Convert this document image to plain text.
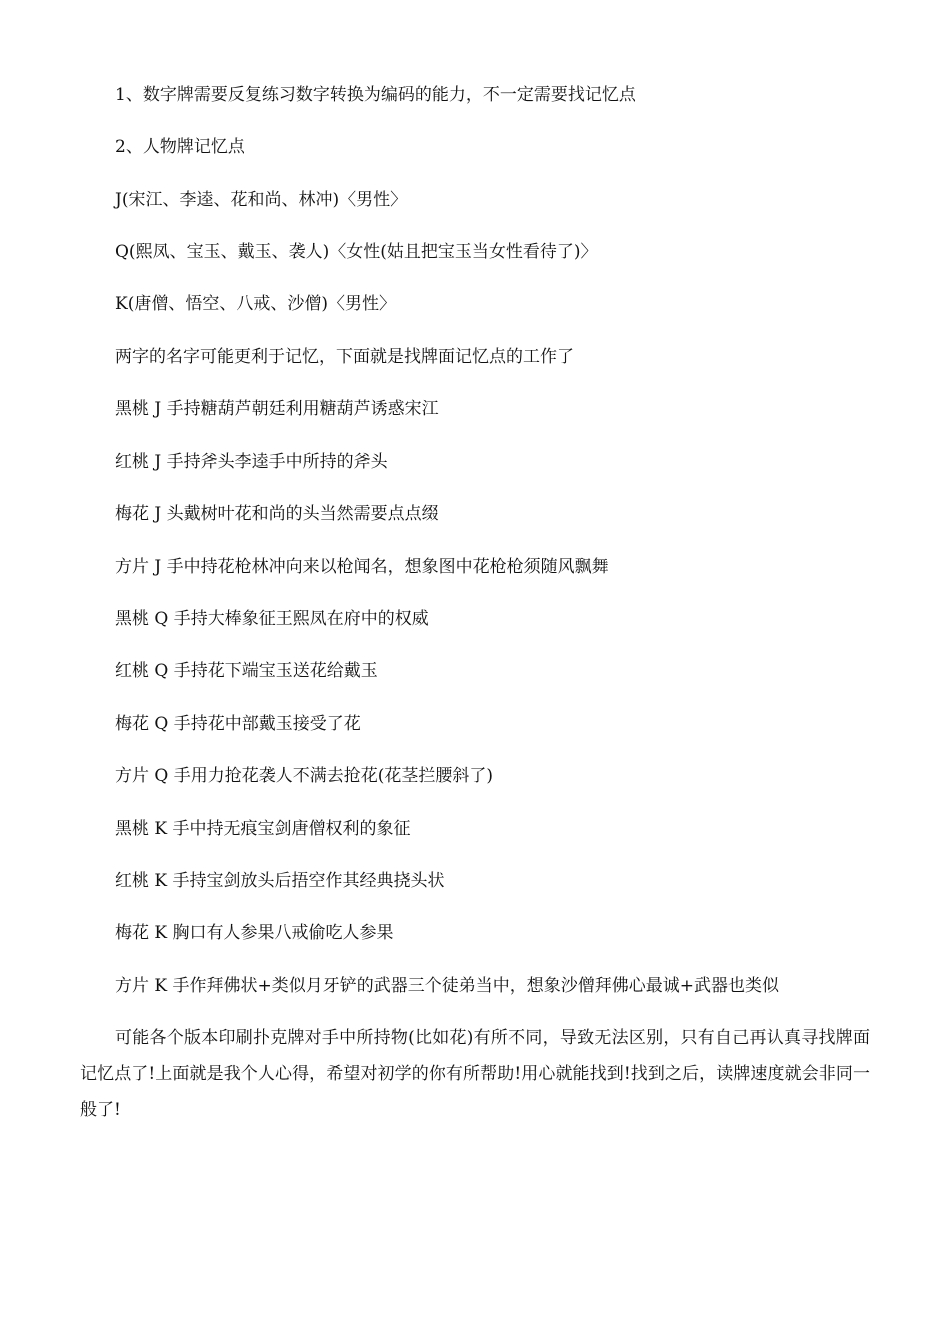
1、数字牌需要反复练习数字转换为编码的能力，不一定需要找记忆点
2、人物牌记忆点
J(宋江、李逵、花和尚、林冲)〈男性〉
Q(熙凤、宝玉、戴玉、袭人)〈女性(姑且把宝玉当女性看待了)〉
K(唐僧、悟空、八戒、沙僧)〈男性〉
两字的名字可能更利于记忆，下面就是找牌面记忆点的工作了
黑桃 J 手持糖葫芦朝廷利用糖葫芦诱惑宋江
红桃 J 手持斧头李逵手中所持的斧头
梅花 J 头戴树叶花和尚的头当然需要点点缀
方片 J 手中持花枪林冲向来以枪闻名，想象图中花枪枪须随风飘舞
黑桃 Q 手持大棒象征王熙凤在府中的权威
红桃 Q 手持花下端宝玉送花给戴玉
梅花 Q 手持花中部戴玉接受了花
方片 Q 手用力抢花袭人不满去抢花(花茎拦腰斜了)
黑桃 K 手中持无痕宝剑唐僧权利的象征
红桃 K 手持宝剑放头后捂空作其经典挠头状
梅花 K 胸口有人参果八戒偷吃人参果
方片 K 手作拜佛状+类似月牙铲的武器三个徒弟当中，想象沙僧拜佛心最诚+武器也类似
可能各个版本印刷扑克牌对手中所持物(比如花)有所不同，导致无法区别，只有自己再认真寻找牌面记忆点了!上面就是我个人心得，希望对初学的你有所帮助!用心就能找到!找到之后，读牌速度就会非同一般了!
